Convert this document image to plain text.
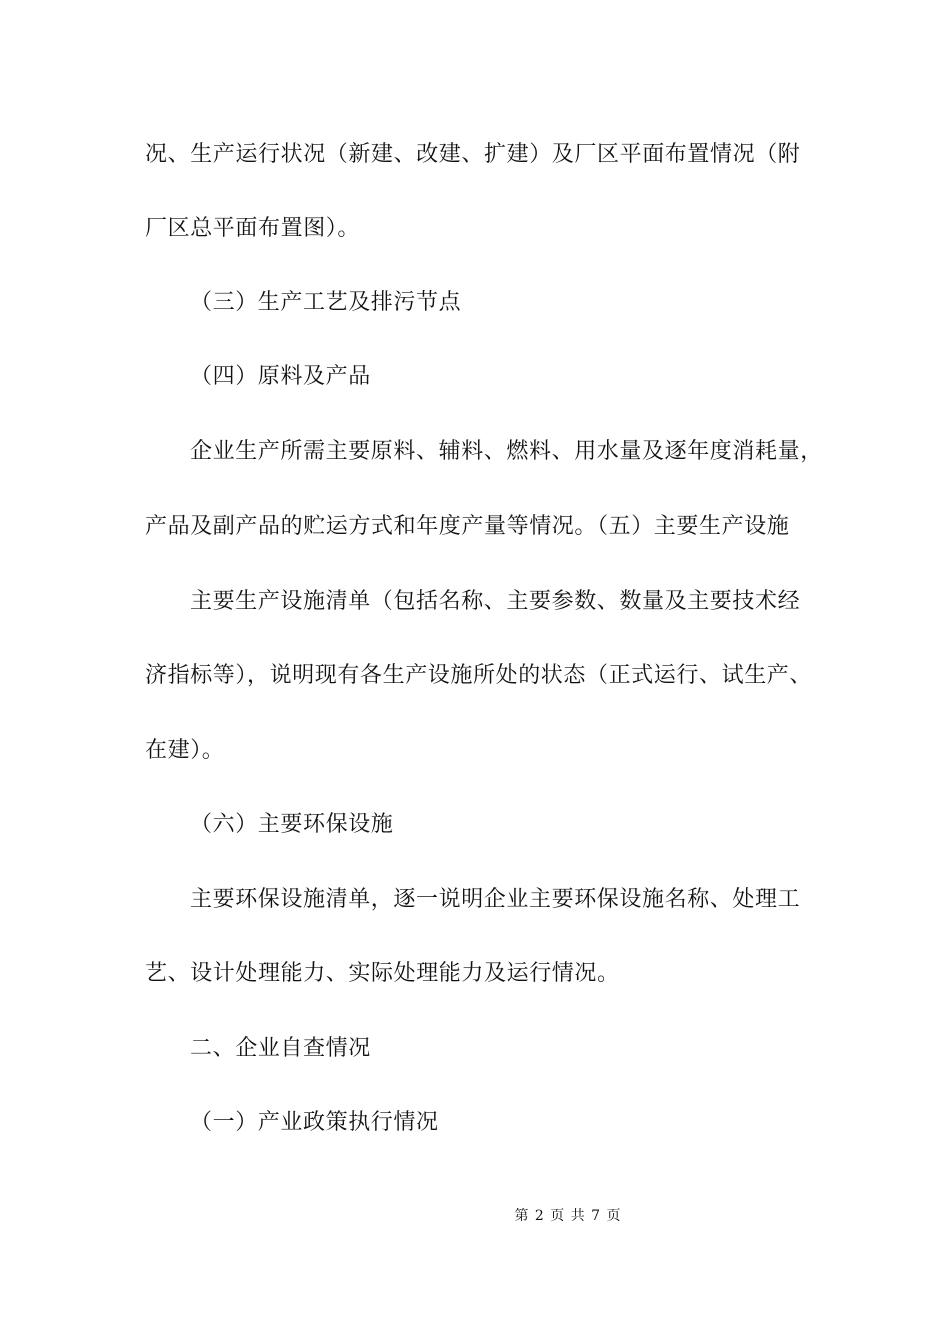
况、生产运行状况（新建、改建、扩建）及厂区平面布置情况（附
厂区总平面布置图）。
（三）生产工艺及排污节点
（四）原料及产品
企业生产所需主要原料、辅料、燃料、用水量及逐年度消耗量，
产品及副产品的贮运方式和年度产量等情况。（五）主要生产设施
主要生产设施清单（包括名称、主要参数、数量及主要技术经
济指标等），说明现有各生产设施所处的状态（正式运行、试生产、
在建）。
（六）主要环保设施
主要环保设施清单，逐一说明企业主要环保设施名称、处理工
艺、设计处理能力、实际处理能力及运行情况。
二、企业自查情况
（一）产业政策执行情况
第 2 页 共 7 页
